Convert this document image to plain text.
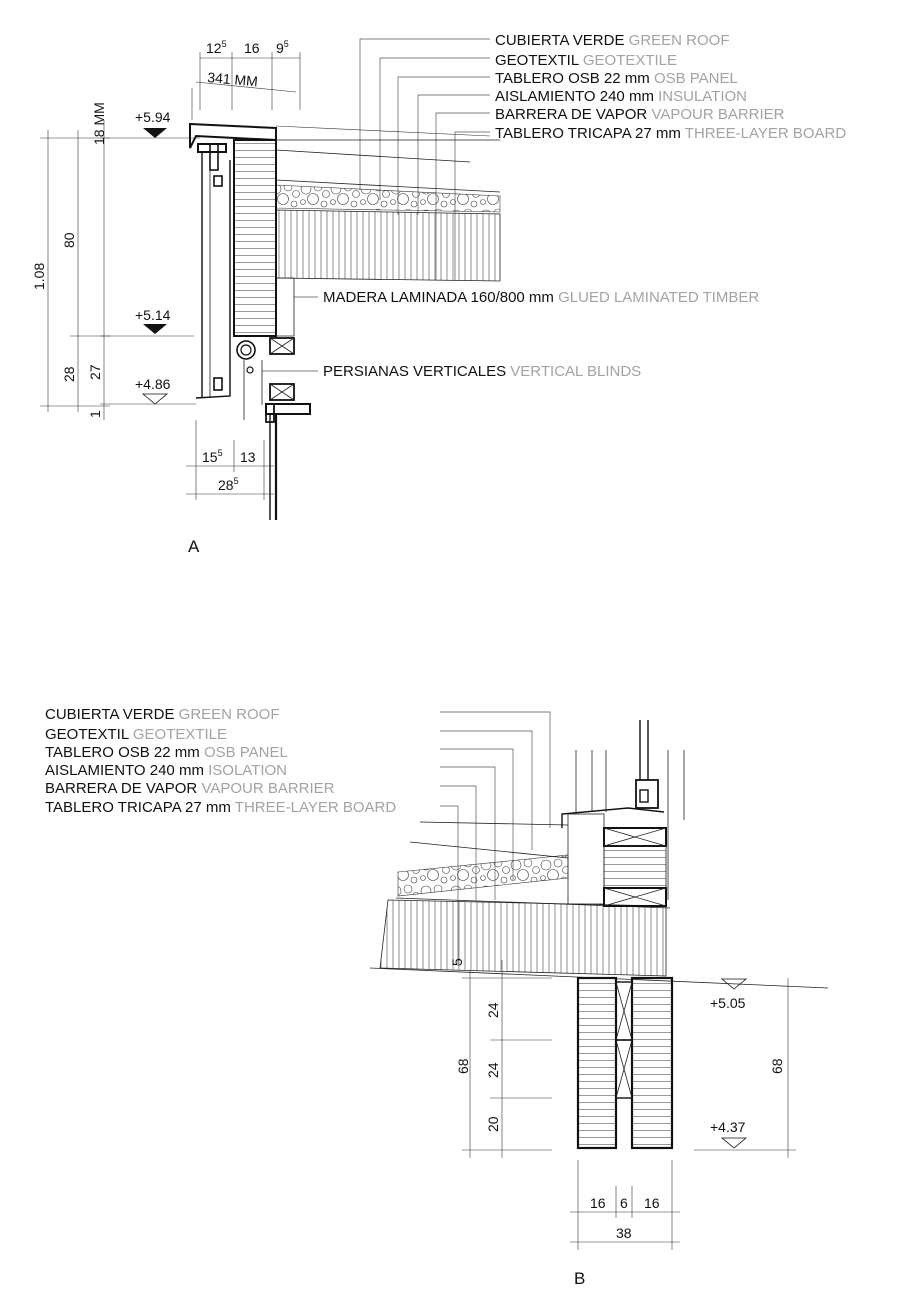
CUBIERTA VERDE GREEN ROOF
GEOTEXTIL GEOTEXTILE
TABLERO OSB 22 mm OSB PANEL
AISLAMIENTO 240 mm INSULATION
BARRERA DE VAPOR VAPOUR BARRIER
TABLERO TRICAPA 27 mm THREE-LAYER BOARD
$12^5$ 16 $9^5$
341 MM
+5.94
+5.14
+4.86
1.08
80
18 MM
28 27
1
$15^5$ 13
$28^5$
MADERA LAMINADA 160/800 mm GLUED LAMINATED TIMBER
PERSIANAS VERTICALES VERTICAL BLINDS
A
CUBIERTA VERDE GREEN ROOF
GEOTEXTIL GEOTEXTILE
TABLERO OSB 22 mm OSB PANEL
AISLAMIENTO 240 mm ISOLATION
BARRERA DE VAPOR VAPOUR BARRIER
TABLERO TRICAPA 27 mm THREE-LAYER BOARD
5
24
24
20
68	68
+5.05
+4.37
16 6 16
38
B
